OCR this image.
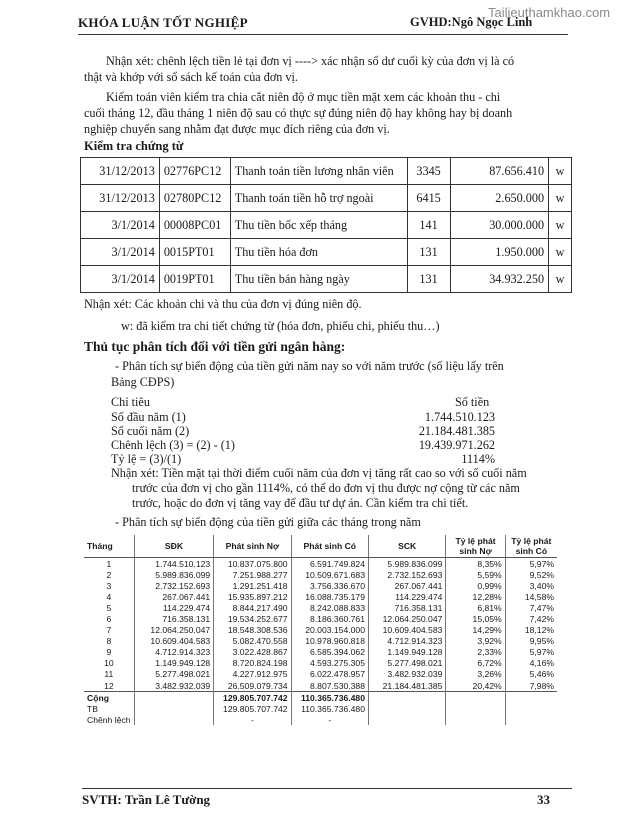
KHÓA LUẬN TỐT NGHIỆP	GVHD:Ngô Ngọc Linh
Tailieuthamkhao.com
Nhận xét: chênh lệch tiền lẻ tại đơn vị ----> xác nhận số dư cuối kỳ của đơn vị là có
thật và khớp với sổ sách kế toán của đơn vị.
Kiểm toán viên kiểm tra chia cắt niên độ ở mục tiền mặt xem các khoản thu - chi
cuối tháng 12, đầu tháng 1 niên độ sau có thực sự đúng niên độ hay không hay bị doanh
nghiệp chuyển sang nhằm đạt được mục đích riêng của đơn vị.
Kiểm tra chứng từ
31/12/2013	02776PC12	Thanh toán tiền lương nhân viên	3345	87.656.410	w
31/12/2013	02780PC12	Thanh toán tiền hỗ trợ ngoài	6415	2.650.000	w
3/1/2014	00008PC01	Thu tiền bốc xếp tháng	141	30.000.000	w
3/1/2014	0015PT01	Thu tiền hóa đơn	131	1.950.000	w
3/1/2014	0019PT01	Thu tiền bán hàng ngày	131	34.932.250	w
Nhận xét: Các khoản chi và thu của đơn vị đúng niên độ.
w: đã kiểm tra chi tiết chứng từ (hóa đơn, phiếu chi, phiếu thu…)
Thủ tục phân tích đối với tiền gửi ngân hàng:
- Phân tích sự biến động của tiền gửi năm nay so với năm trước (số liệu lấy trên
Bảng CĐPS)
Chỉ tiêu	Số tiền
Số đầu năm (1)	1.744.510.123
Số cuối năm (2)	21.184.481.385
Chênh lệch (3) = (2) - (1)	19.439.971.262
Tỷ lệ = (3)/(1)	1114%
Nhận xét: Tiền mặt tại thời điểm cuối năm của đơn vị tăng rất cao so với số cuối năm
trước của đơn vị cho gần 1114%, có thể do đơn vị thu được nợ cộng từ các năm
trước, hoặc do đơn vị tăng vay để đầu tư dự án. Cần kiểm tra chi tiết.
- Phân tích sự biến động của tiền gửi giữa các tháng trong năm
Tháng	SĐK	Phát sinh Nợ	Phát sinh Có	SCK	Tỷ lệ phát sinh Nợ	Tỷ lệ phát sinh Có
1	1.744.510.123	10.837.075.800	6.591.749.824	5.989.836.099	8,35%	5,97%
2	5.989.836.099	7.251.988.277	10.509.671.683	2.732.152.693	5,59%	9,52%
3	2.732.152.693	1.291.251.418	3.756.336.670	267.067.441	0,99%	3,40%
4	267.067.441	15.935.897.212	16.088.735.179	114.229.474	12,28%	14,58%
5	114.229.474	8.844.217.490	8.242.088.833	716.358.131	6,81%	7,47%
6	716.358.131	19.534.252.677	8.186.360.761	12.064.250.047	15,05%	7,42%
7	12.064.250.047	18.548.308.536	20.003.154.000	10.609.404.583	14,29%	18,12%
8	10.609.404.583	5.082.470.558	10.978.960.818	4.712.914.323	3,92%	9,95%
9	4.712.914.323	3.022.428.867	6.585.394.062	1.149.949.128	2,33%	5,97%
10	1.149.949.128	8.720.824.198	4.593.275.305	5.277.498.021	6,72%	4,16%
11	5.277.498.021	4.227.912.975	6.022.478.957	3.482.932.039	3,26%	5,46%
12	3.482.932.039	26.509.079.734	8.807.530.388	21.184.481.385	20,42%	7,98%
Cộng		129.805.707.742	110.365.736.480			
TB		129.805.707.742	110.365.736.480			
Chênh lệch		-	-			
SVTH: Trần Lê Tường	33
